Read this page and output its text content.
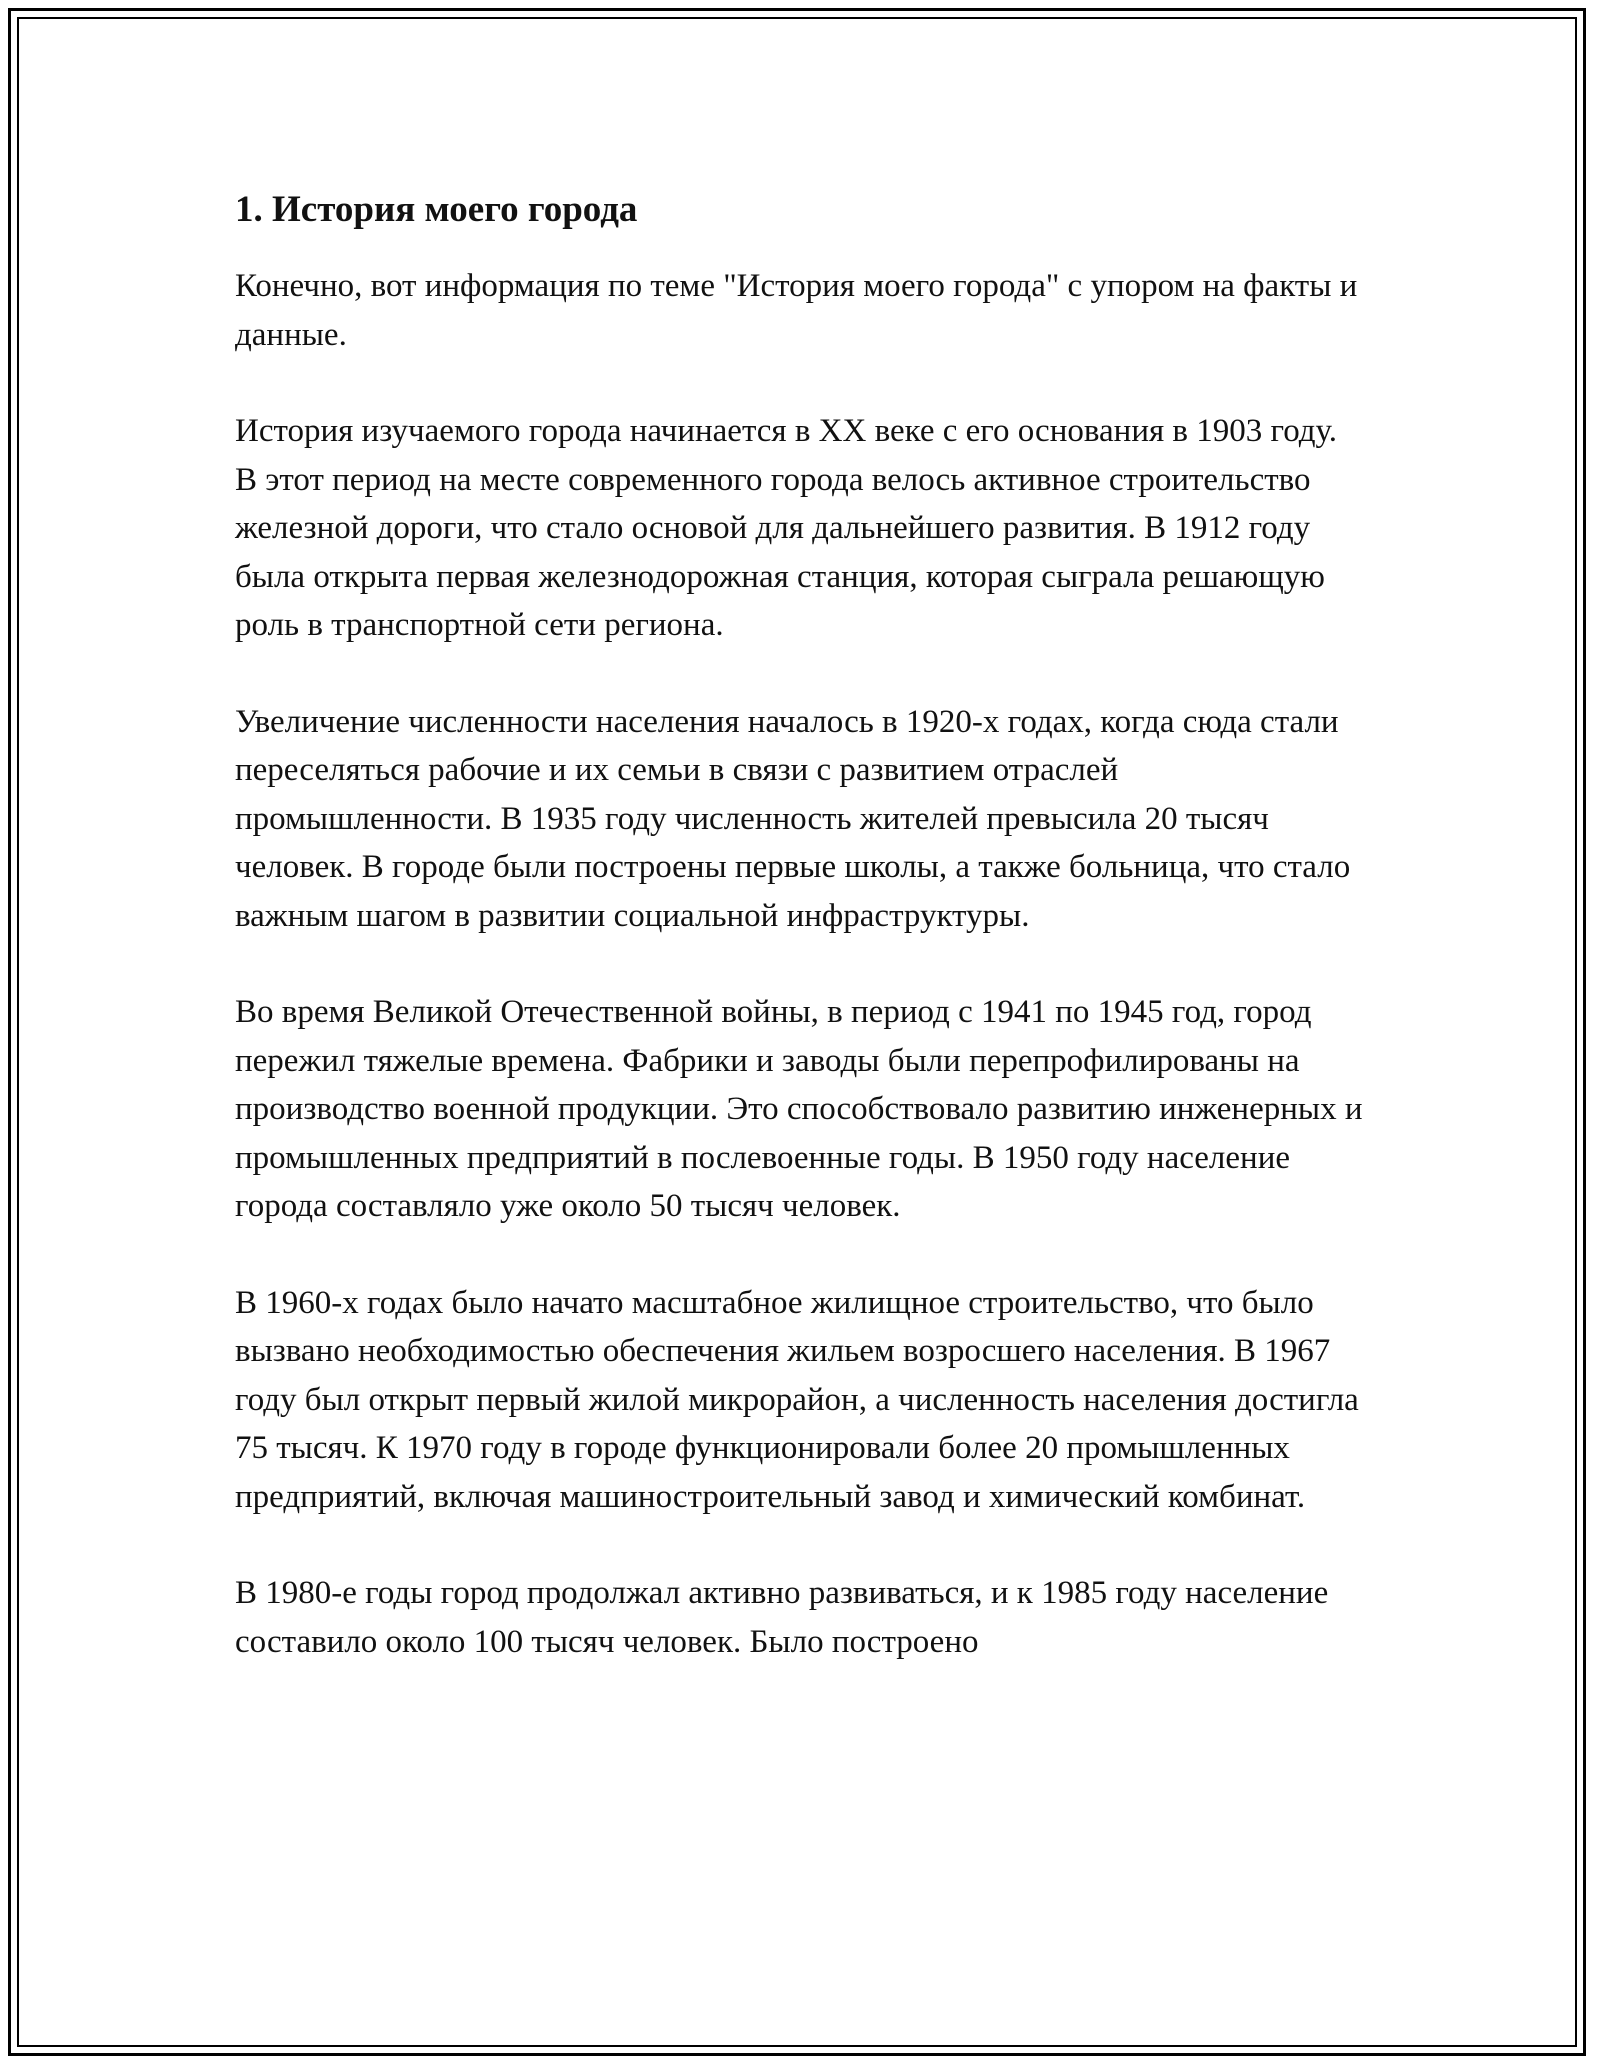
1. История моего города

Конечно, вот информация по теме "История моего города" с упором на факты и данные.

История изучаемого города начинается в XX веке с его основания в 1903 году. В этот период на месте современного города велось активное строительство железной дороги, что стало основой для дальнейшего развития. В 1912 году была открыта первая железнодорожная станция, которая сыграла решающую роль в транспортной сети региона.

Увеличение численности населения началось в 1920-х годах, когда сюда стали переселяться рабочие и их семьи в связи с развитием отраслей промышленности. В 1935 году численность жителей превысила 20 тысяч человек. В городе были построены первые школы, а также больница, что стало важным шагом в развитии социальной инфраструктуры.

Во время Великой Отечественной войны, в период с 1941 по 1945 год, город пережил тяжелые времена. Фабрики и заводы были перепрофилированы на производство военной продукции. Это способствовало развитию инженерных и промышленных предприятий в послевоенные годы. В 1950 году население города составляло уже около 50 тысяч человек.

В 1960-х годах было начато масштабное жилищное строительство, что было вызвано необходимостью обеспечения жильем возросшего населения. В 1967 году был открыт первый жилой микрорайон, а численность населения достигла 75 тысяч. К 1970 году в городе функционировали более 20 промышленных предприятий, включая машиностроительный завод и химический комбинат.

В 1980-е годы город продолжал активно развиваться, и к 1985 году население составило около 100 тысяч человек. Было построено
